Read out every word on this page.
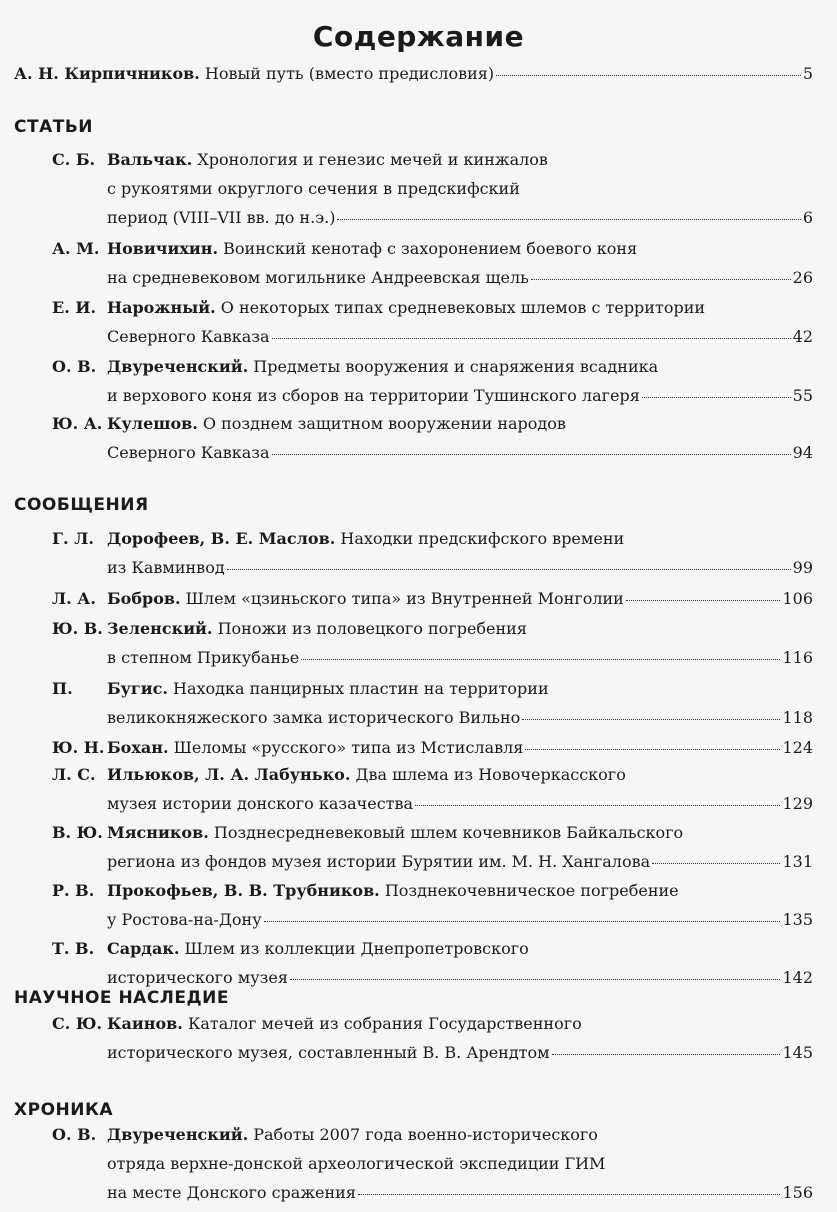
Содержание
А. Н. Кирпичников. Новый путь (вместо предисловия)	5
СТАТЬИ
СООБЩЕНИЯ
НАУЧНОЕ НАСЛЕДИЕ
ХРОНИКА
С. Б. Вальчак. Хронология и генезис мечей и кинжалов
с рукоятями округлого сечения в предскифский
период (VIII–VII вв. до н.э.)	6
А. М. Новичихин. Воинский кенотаф с захоронением боевого коня
на средневековом могильнике Андреевская щель	26
Е. И. Нарожный. О некоторых типах средневековых шлемов с территории
Северного Кавказа	42
О. В. Двуреченский. Предметы вооружения и снаряжения всадника
и верхового коня из сборов на территории Тушинского лагеря	55
Ю. А. Кулешов. О позднем защитном вооружении народов
Северного Кавказа	94
Г. Л. Дорофеев, В. Е. Маслов. Находки предскифского времени
из Кавминвод	99
Л. А. Бобров. Шлем «цзиньского типа» из Внутренней Монголии	106
Ю. В. Зеленский. Поножи из половецкого погребения
в степном Прикубанье	116
П. Бугис. Находка панцирных пластин на территории
великокняжеского замка исторического Вильно	118
Ю. Н. Бохан. Шеломы «русского» типа из Мстиславля	124
Л. С. Ильюков, Л. А. Лабунько. Два шлема из Новочеркасского
музея истории донского казачества	129
В. Ю. Мясников. Позднесредневековый шлем кочевников Байкальского
региона из фондов музея истории Бурятии им. М. Н. Хангалова	131
Р. В. Прокофьев, В. В. Трубников. Позднекочевническое погребение
у Ростова-на-Дону	135
Т. В. Сардак. Шлем из коллекции Днепропетровского
исторического музея	142
С. Ю. Каинов. Каталог мечей из собрания Государственного
исторического музея, составленный В. В. Арендтом	145
О. В. Двуреченский. Работы 2007 года военно-исторического
отряда верхне-донской археологической экспедиции ГИМ
на месте Донского сражения	156
